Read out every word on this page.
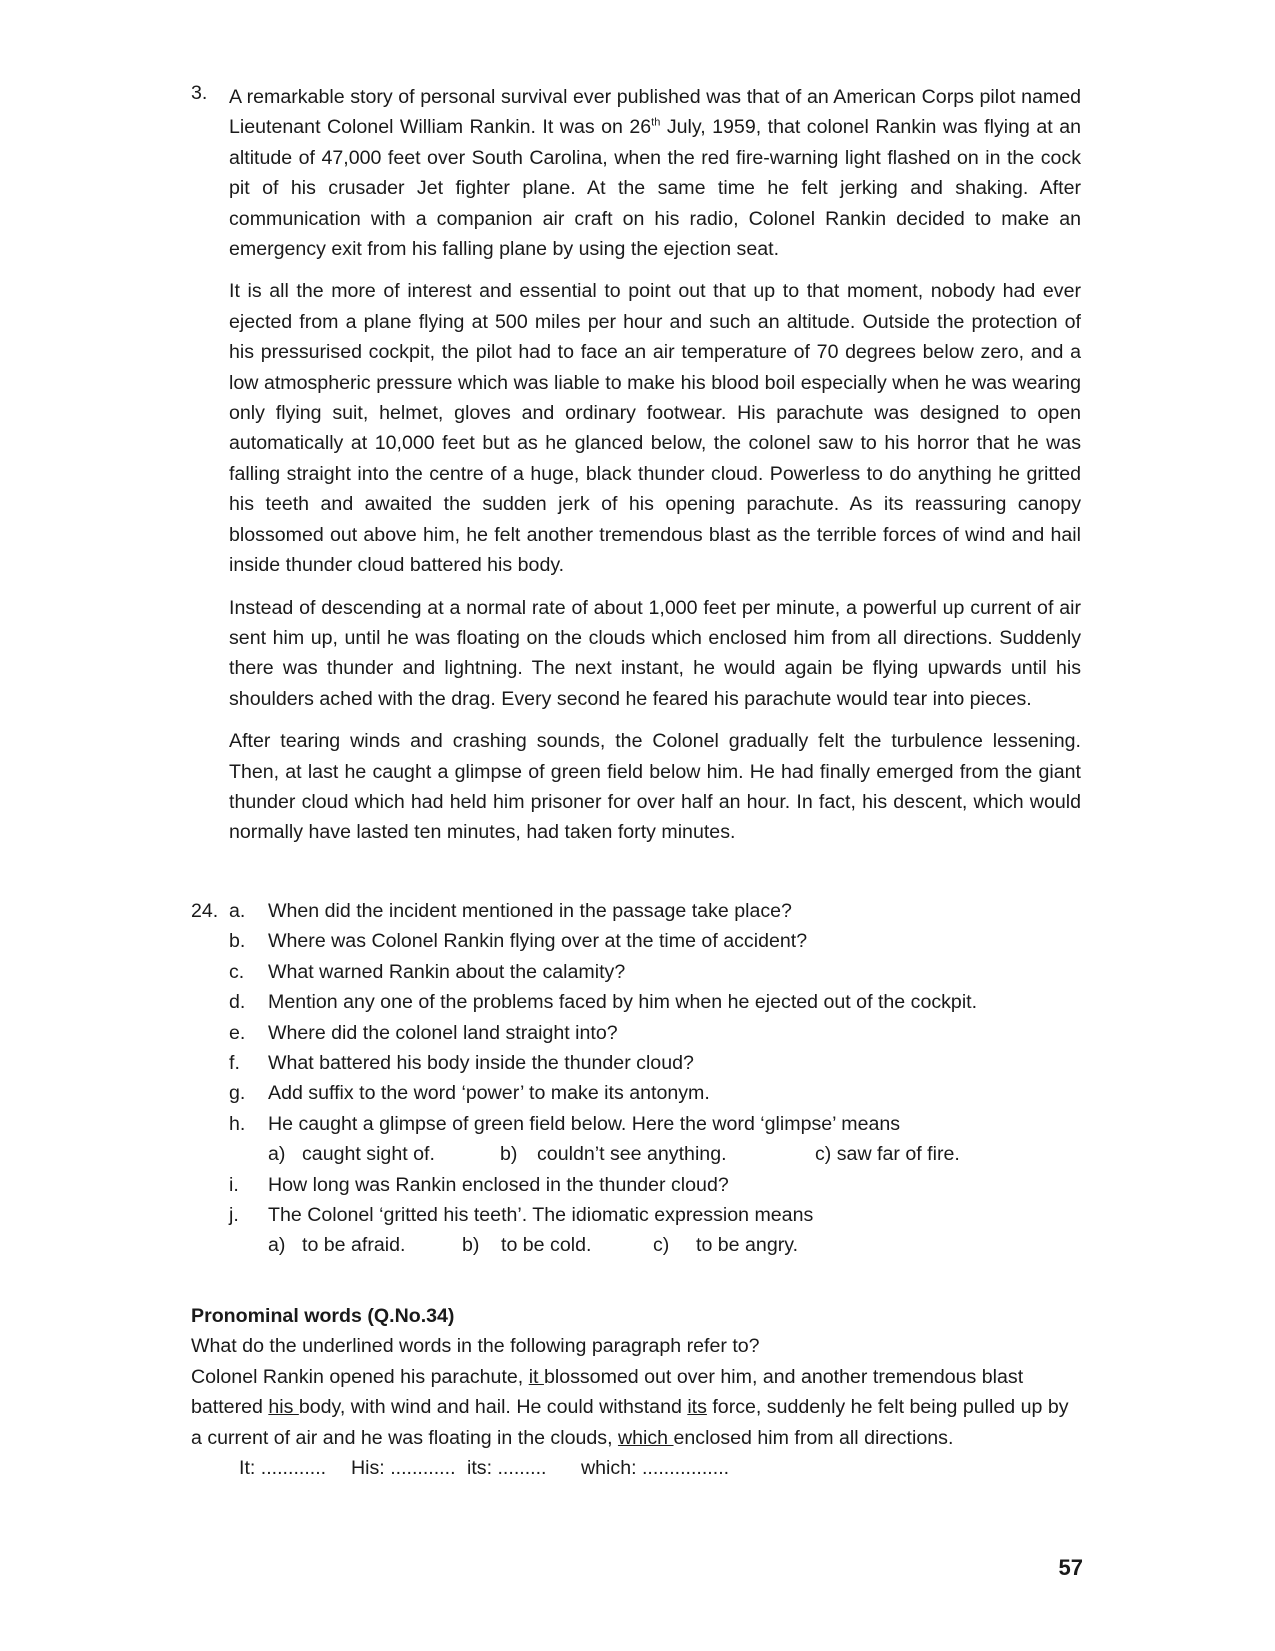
3. A remarkable story of personal survival ever published was that of an American Corps pilot named Lieutenant Colonel William Rankin. It was on 26th July, 1959, that colonel Rankin was flying at an altitude of 47,000 feet over South Carolina, when the red fire-warning light flashed on in the cock pit of his crusader Jet fighter plane. At the same time he felt jerking and shaking. After communication with a companion air craft on his radio, Colonel Rankin decided to make an emergency exit from his falling plane by using the ejection seat.

It is all the more of interest and essential to point out that up to that moment, nobody had ever ejected from a plane flying at 500 miles per hour and such an altitude. Outside the protection of his pressurised cockpit, the pilot had to face an air temperature of 70 degrees below zero, and a low atmospheric pressure which was liable to make his blood boil especially when he was wearing only flying suit, helmet, gloves and ordinary footwear. His parachute was designed to open automatically at 10,000 feet but as he glanced below, the colonel saw to his horror that he was falling straight into the centre of a huge, black thunder cloud. Powerless to do anything he gritted his teeth and awaited the sudden jerk of his opening parachute. As its reassuring canopy blossomed out above him, he felt another tremendous blast as the terrible forces of wind and hail inside thunder cloud battered his body.

Instead of descending at a normal rate of about 1,000 feet per minute, a powerful up current of air sent him up, until he was floating on the clouds which enclosed him from all directions. Suddenly there was thunder and lightning. The next instant, he would again be flying upwards until his shoulders ached with the drag. Every second he feared his parachute would tear into pieces.

After tearing winds and crashing sounds, the Colonel gradually felt the turbulence lessening. Then, at last he caught a glimpse of green field below him. He had finally emerged from the giant thunder cloud which had held him prisoner for over half an hour. In fact, his descent, which would normally have lasted ten minutes, had taken forty minutes.

24. a. When did the incident mentioned in the passage take place?
b. Where was Colonel Rankin flying over at the time of accident?
c. What warned Rankin about the calamity?
d. Mention any one of the problems faced by him when he ejected out of the cockpit.
e. Where did the colonel land straight into?
f. What battered his body inside the thunder cloud?
g. Add suffix to the word ‘power’ to make its antonym.
h. He caught a glimpse of green field below. Here the word ‘glimpse’ means
a) caught sight of.	b) couldn’t see anything.	c) saw far of fire.
i. How long was Rankin enclosed in the thunder cloud?
j. The Colonel ‘gritted his teeth’. The idiomatic expression means
a) to be afraid.	b) to be cold.	c) to be angry.

Pronominal words (Q.No.34)

What do the underlined words in the following paragraph refer to?

Colonel Rankin opened his parachute, it blossomed out over him, and another tremendous blast battered his body, with wind and hail. He could withstand its force, suddenly he felt being pulled up by a current of air and he was floating in the clouds, which enclosed him from all directions.

It: ............ His: ............ its: ......... which: ................
57
